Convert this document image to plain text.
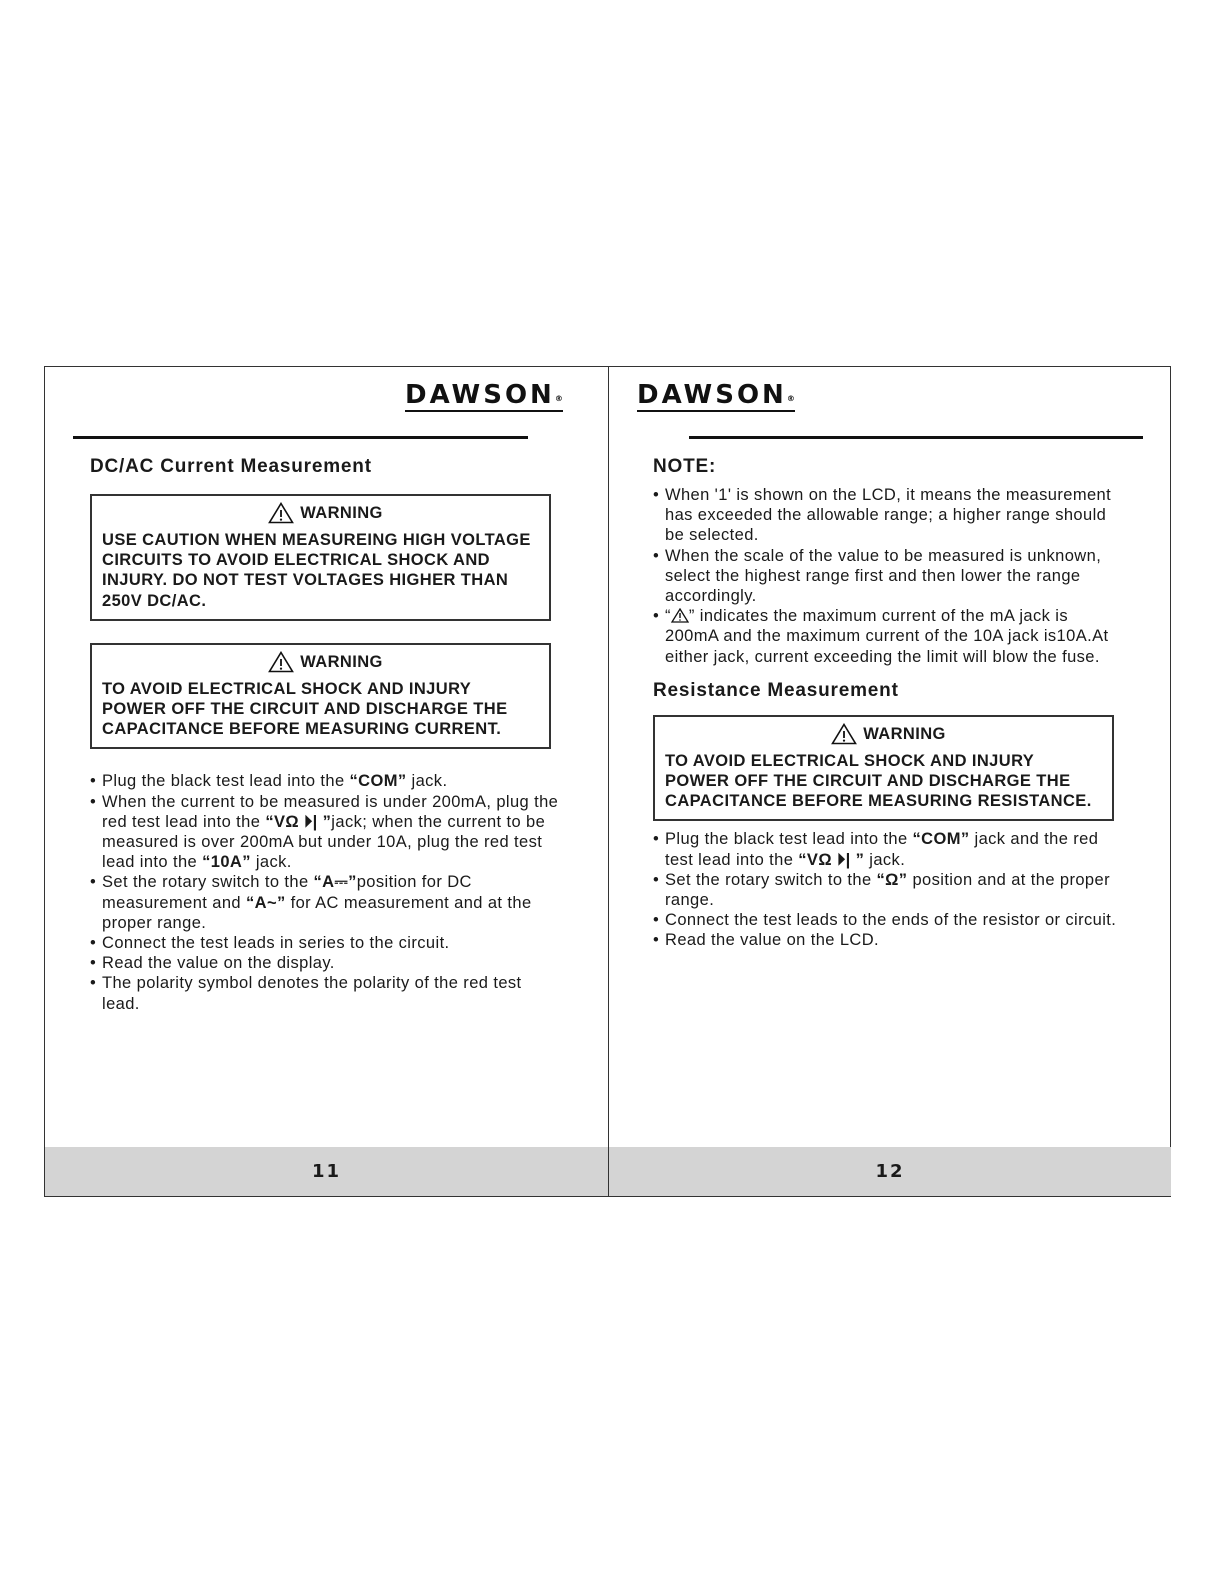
DAWSON®
DC/AC Current Measurement
WARNING
USE CAUTION WHEN MEASUREING HIGH VOLTAGE CIRCUITS TO AVOID ELECTRICAL SHOCK AND INJURY. DO NOT TEST VOLTAGES HIGHER THAN 250V DC/AC.
WARNING
TO AVOID ELECTRICAL SHOCK AND INJURY POWER OFF THE CIRCUIT AND DISCHARGE THE CAPACITANCE BEFORE MEASURING CURRENT.
• Plug the black test lead into the “COM” jack.
• When the current to be measured is under 200mA, plug the red test lead into the “VΩ ⏵| ”jack; when the current to be measured is over 200mA but under 10A, plug the red test lead into the “10A” jack.
• Set the rotary switch to the “A⎓”position for DC measurement and “A~” for AC measurement and at the proper range.
• Connect the test leads in series to the circuit.
• Read the value on the display.
• The polarity symbol denotes the polarity of the red test lead.
11
DAWSON®
NOTE:
• When '1' is shown on the LCD, it means the measurement has exceeded the allowable range; a higher range should be selected.
• When the scale of the value to be measured is unknown, select the highest range first and then lower the range accordingly.
• “ ” indicates the maximum current of the mA jack is 200mA and the maximum current of the 10A jack is10A.At either jack, current exceeding the limit will blow the fuse.
Resistance Measurement
WARNING
TO AVOID ELECTRICAL SHOCK AND INJURY POWER OFF THE CIRCUIT AND DISCHARGE THE CAPACITANCE BEFORE MEASURING RESISTANCE.
• Plug the black test lead into the “COM” jack and the red test lead into the “VΩ ⏵| ” jack.
• Set the rotary switch to the “Ω” position and at the proper range.
• Connect the test leads to the ends of the resistor or circuit.
• Read the value on the LCD.
12
